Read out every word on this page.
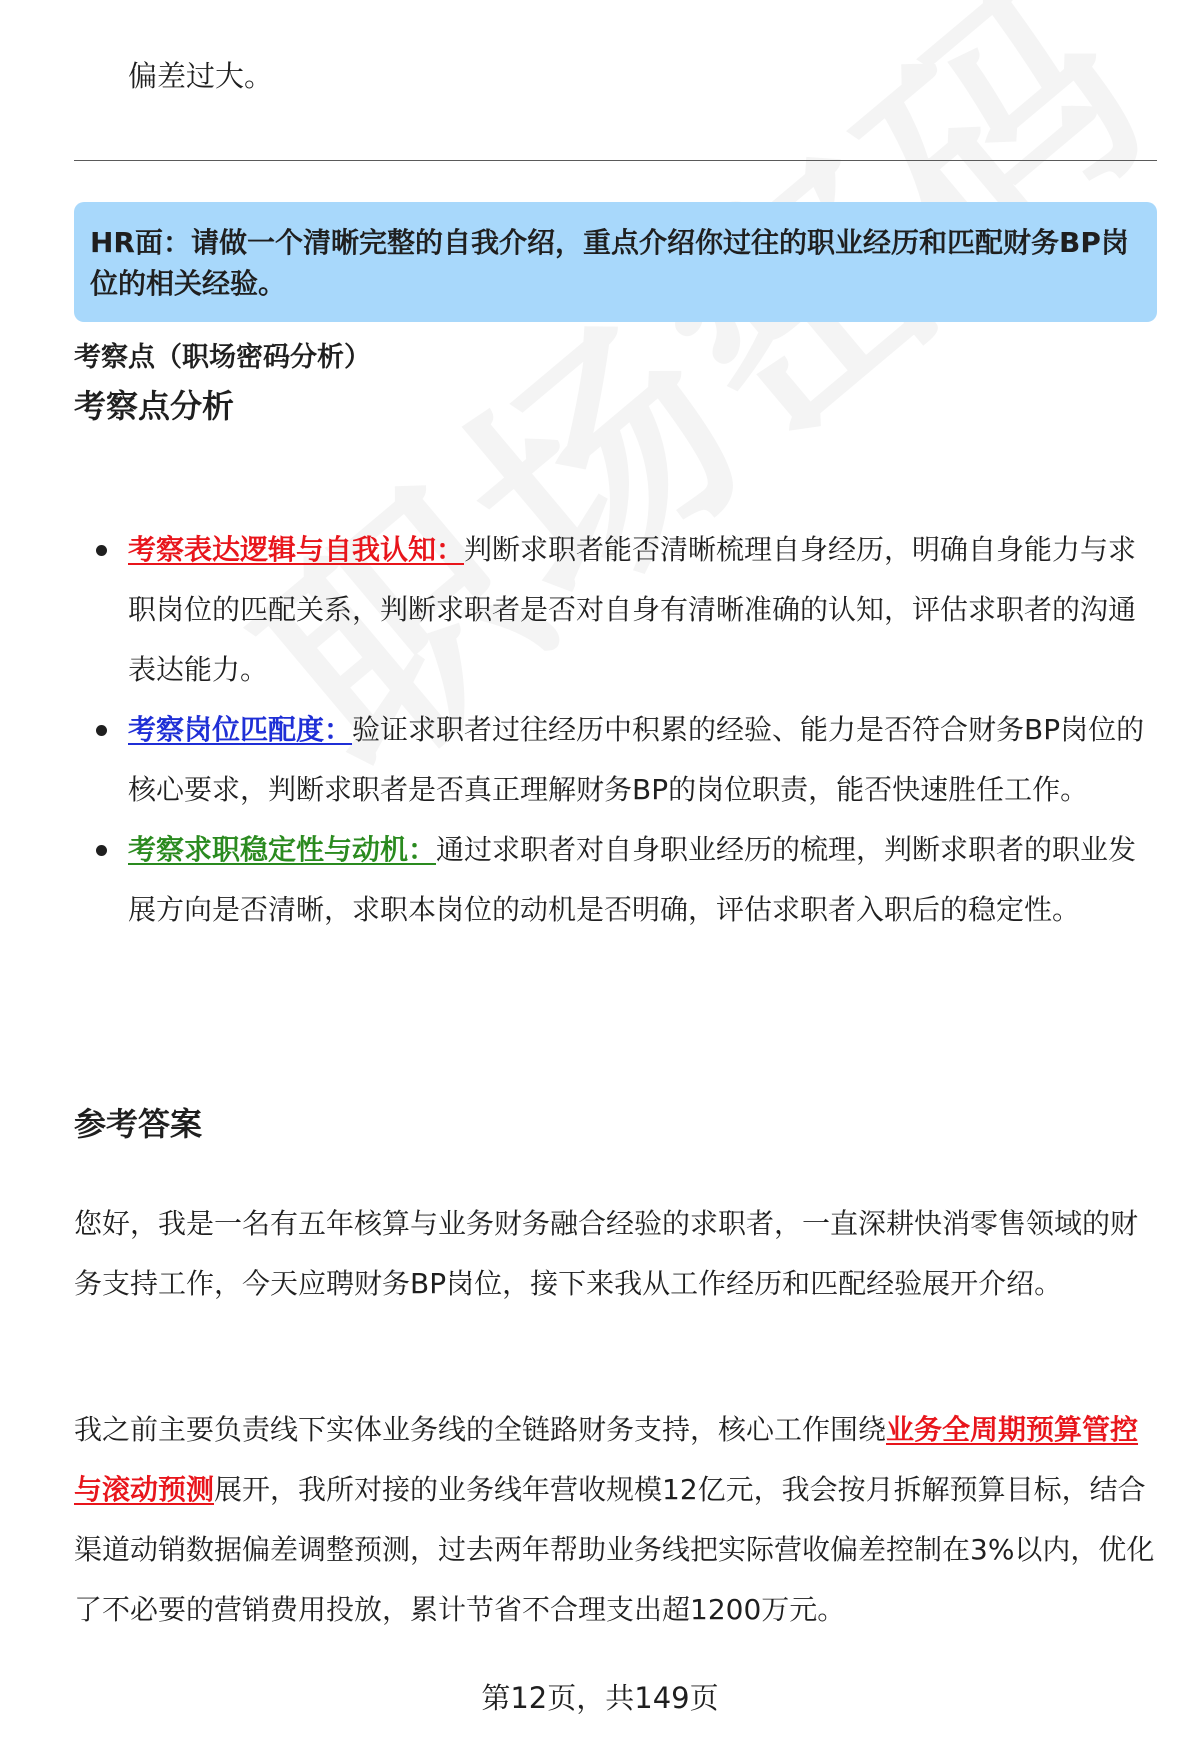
偏差过大。
HR面：请做一个清晰完整的自我介绍，重点介绍你过往的职业经历和匹配财务BP岗位的相关经验。
考察点（职场密码分析）
考察点分析
考察表达逻辑与自我认知：判断求职者能否清晰梳理自身经历，明确自身能力与求职岗位的匹配关系，判断求职者是否对自身有清晰准确的认知，评估求职者的沟通表达能力。
考察岗位匹配度：验证求职者过往经历中积累的经验、能力是否符合财务BP岗位的核心要求，判断求职者是否真正理解财务BP的岗位职责，能否快速胜任工作。
考察求职稳定性与动机：通过求职者对自身职业经历的梳理，判断求职者的职业发展方向是否清晰，求职本岗位的动机是否明确，评估求职者入职后的稳定性。
参考答案

您好，我是一名有五年核算与业务财务融合经验的求职者，一直深耕快消零售领域的财务支持工作，今天应聘财务BP岗位，接下来我从工作经历和匹配经验展开介绍。

我之前主要负责线下实体业务线的全链路财务支持，核心工作围绕业务全周期预算管控与滚动预测展开，我所对接的业务线年营收规模12亿元，我会按月拆解预算目标，结合渠道动销数据偏差调整预测，过去两年帮助业务线把实际营收偏差控制在3%以内，优化了不必要的营销费用投放，累计节省不合理支出超1200万元。

第12页，共149页
